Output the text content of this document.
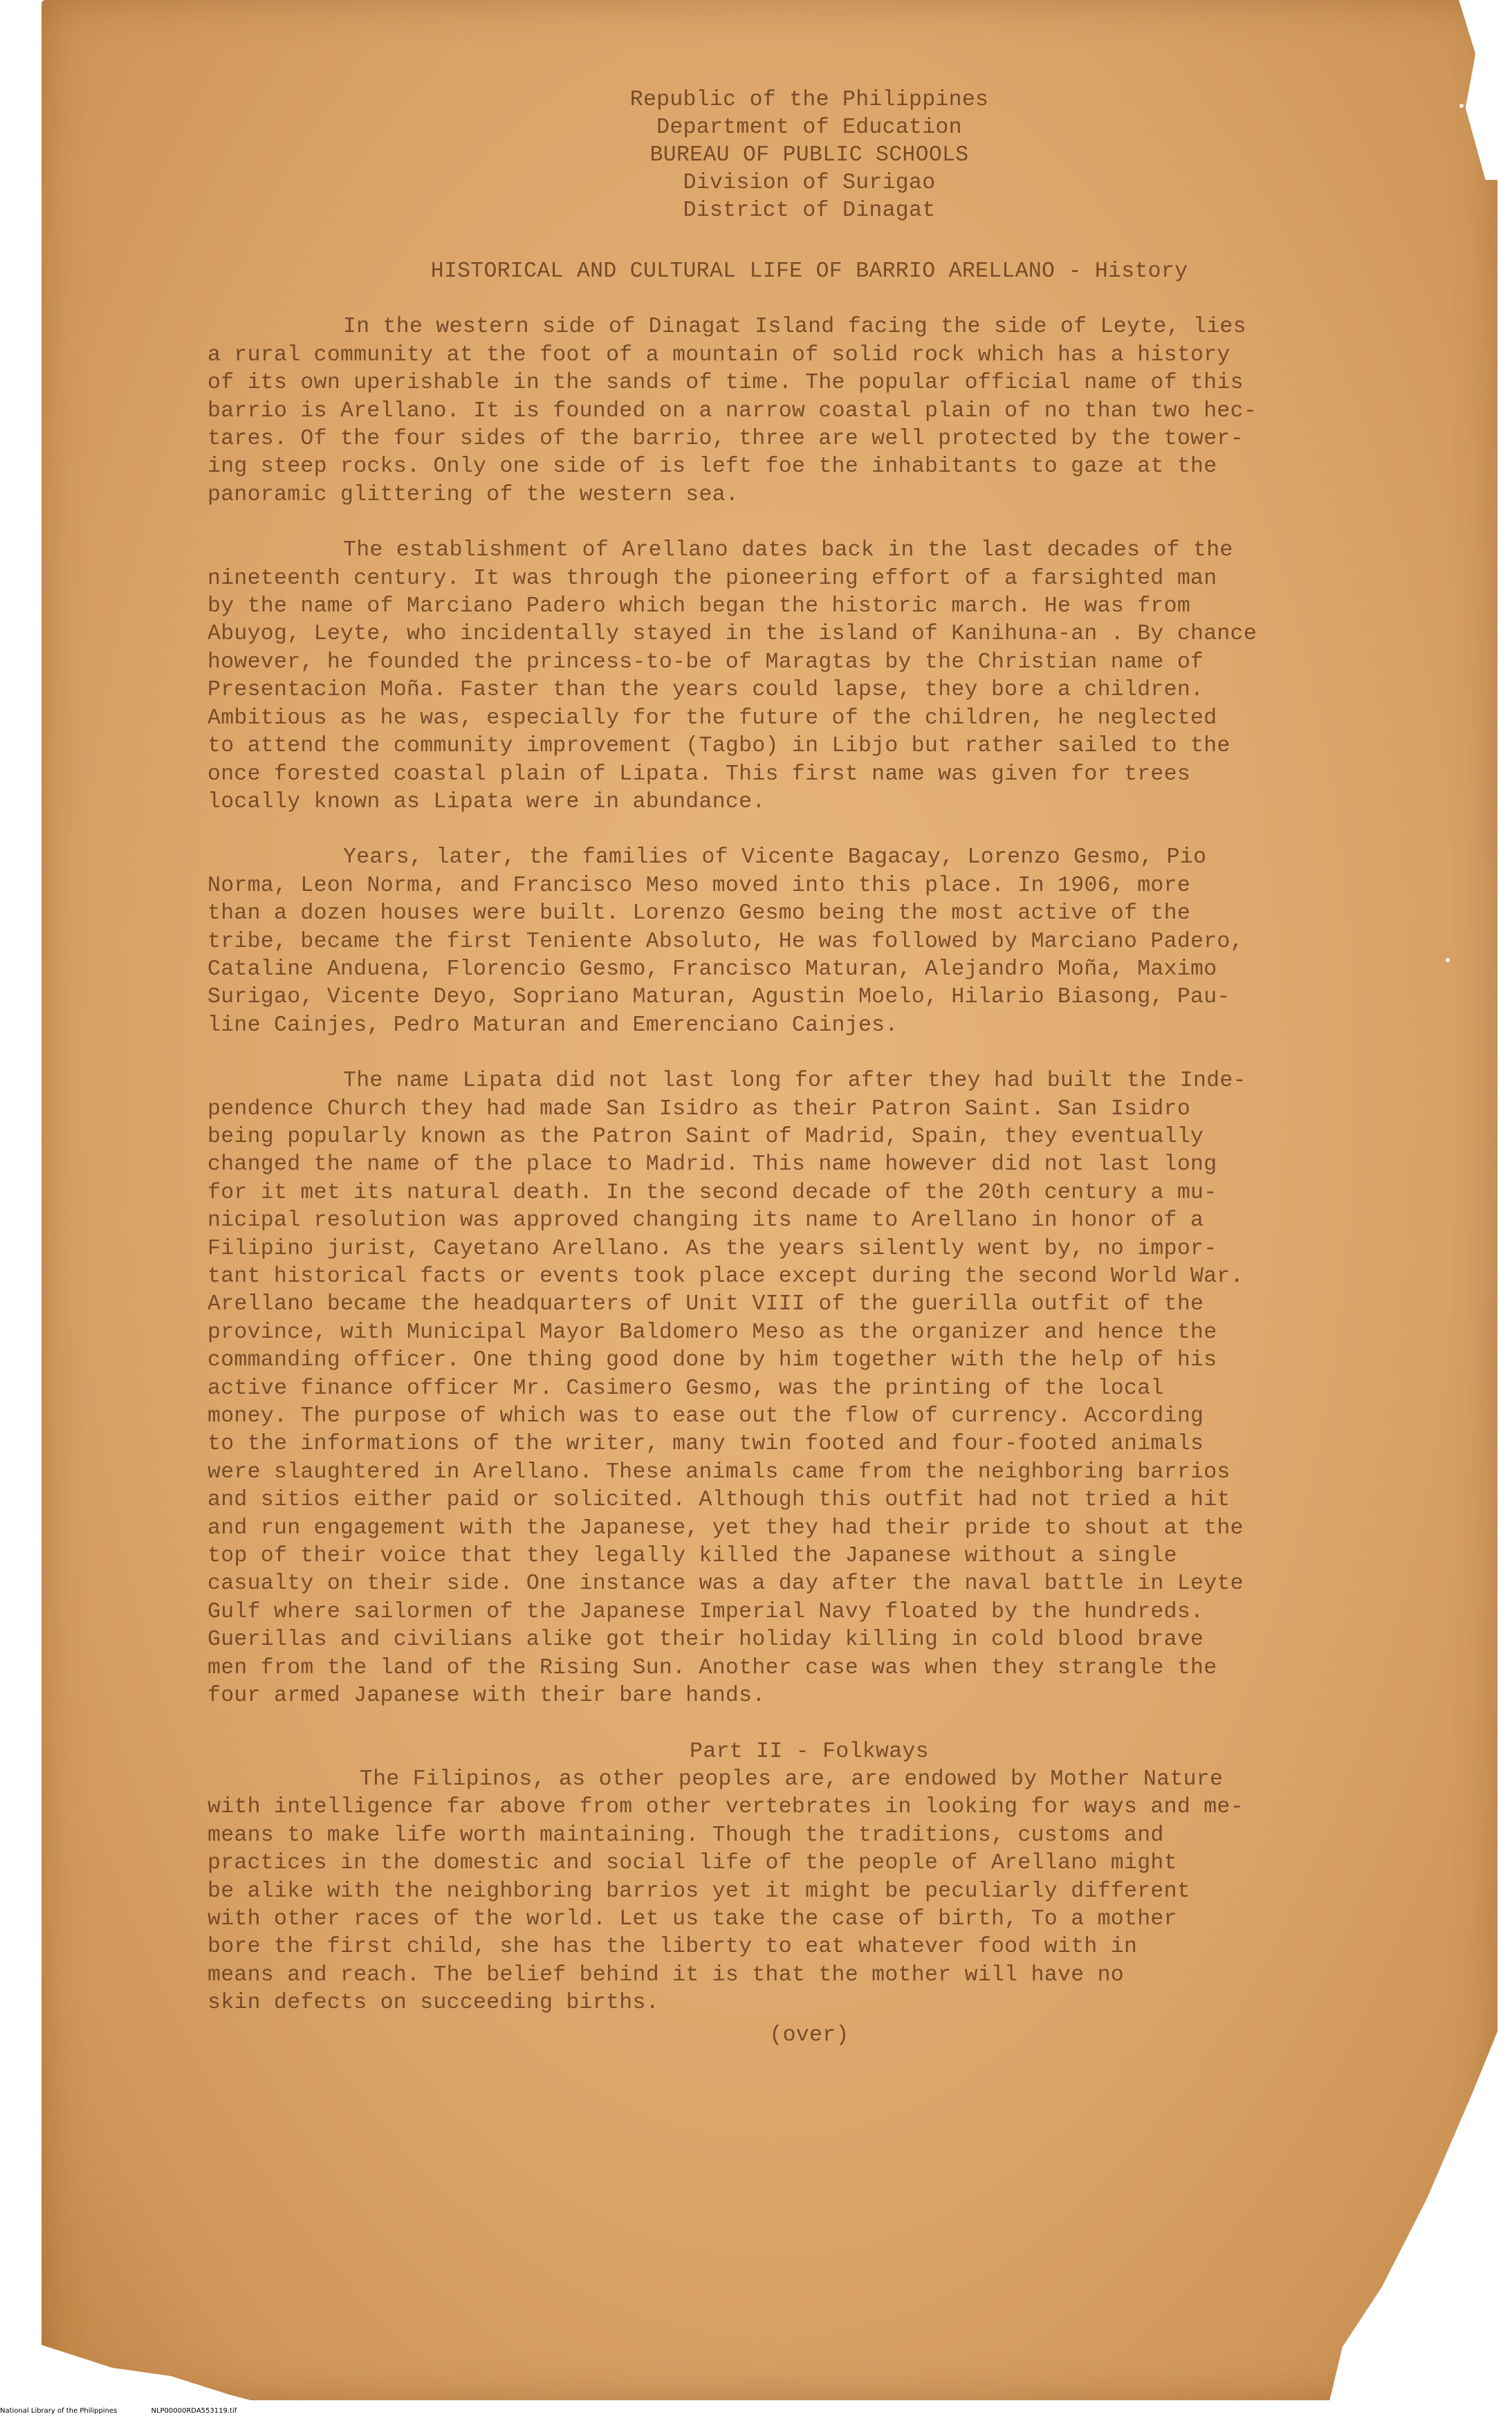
Republic of the Philippines
Department of Education
BUREAU OF PUBLIC SCHOOLS
Division of Surigao
District of Dinagat
HISTORICAL AND CULTURAL LIFE OF BARRIO ARELLANO - History
In the western side of Dinagat Island facing the side of Leyte, lies
a rural community at the foot of a mountain of solid rock which has a history
of its own uperishable in the sands of time. The popular official name of this
barrio is Arellano. It is founded on a narrow coastal plain of no than two hec-
tares. Of the four sides of the barrio, three are well protected by the tower-
ing steep rocks. Only one side of is left foe the inhabitants to gaze at the
panoramic glittering of the western sea.
The establishment of Arellano dates back in the last decades of the
nineteenth century. It was through the pioneering effort of a farsighted man
by the name of Marciano Padero which began the historic march. He was from
Abuyog, Leyte, who incidentally stayed in the island of Kanihuna-an . By chance
however, he founded the princess-to-be of Maragtas by the Christian name of
Presentacion Moña. Faster than the years could lapse, they bore a children.
Ambitious as he was, especially for the future of the children, he neglected
to attend the community improvement (Tagbo) in Libjo but rather sailed to the
once forested coastal plain of Lipata. This first name was given for trees
locally known as Lipata were in abundance.
Years, later, the families of Vicente Bagacay, Lorenzo Gesmo, Pio
Norma, Leon Norma, and Francisco Meso moved into this place. In 1906, more
than a dozen houses were built. Lorenzo Gesmo being the most active of the
tribe, became the first Teniente Absoluto, He was followed by Marciano Padero,
Cataline Anduena, Florencio Gesmo, Francisco Maturan, Alejandro Moña, Maximo
Surigao, Vicente Deyo, Sopriano Maturan, Agustin Moelo, Hilario Biasong, Pau-
line Cainjes, Pedro Maturan and Emerenciano Cainjes.
The name Lipata did not last long for after they had built the Inde-
pendence Church they had made San Isidro as their Patron Saint. San Isidro
being popularly known as the Patron Saint of Madrid, Spain, they eventually
changed the name of the place to Madrid. This name however did not last long
for it met its natural death. In the second decade of the 20th century a mu-
nicipal resolution was approved changing its name to Arellano in honor of a
Filipino jurist, Cayetano Arellano. As the years silently went by, no impor-
tant historical facts or events took place except during the second World War.
Arellano became the headquarters of Unit VIII of the guerilla outfit of the
province, with Municipal Mayor Baldomero Meso as the organizer and hence the
commanding officer. One thing good done by him together with the help of his
active finance officer Mr. Casimero Gesmo, was the printing of the local
money. The purpose of which was to ease out the flow of currency. According
to the informations of the writer, many twin footed and four-footed animals
were slaughtered in Arellano. These animals came from the neighboring barrios
and sitios either paid or solicited. Although this outfit had not tried a hit
and run engagement with the Japanese, yet they had their pride to shout at the
top of their voice that they legally killed the Japanese without a single
casualty on their side. One instance was a day after the naval battle in Leyte
Gulf where sailormen of the Japanese Imperial Navy floated by the hundreds.
Guerillas and civilians alike got their holiday killing in cold blood brave
men from the land of the Rising Sun. Another case was when they strangle the
four armed Japanese with their bare hands.
Part II - Folkways
The Filipinos, as other peoples are, are endowed by Mother Nature
with intelligence far above from other vertebrates in looking for ways and me-
means to make life worth maintaining. Though the traditions, customs and
practices in the domestic and social life of the people of Arellano might
be alike with the neighboring barrios yet it might be peculiarly different
with other races of the world. Let us take the case of birth, To a mother
bore the first child, she has the liberty to eat whatever food with in
means and reach. The belief behind it is that the mother will have no
skin defects on succeeding births.
(over)
National Library of the Philippines	NLP00000RDA553119.tif
